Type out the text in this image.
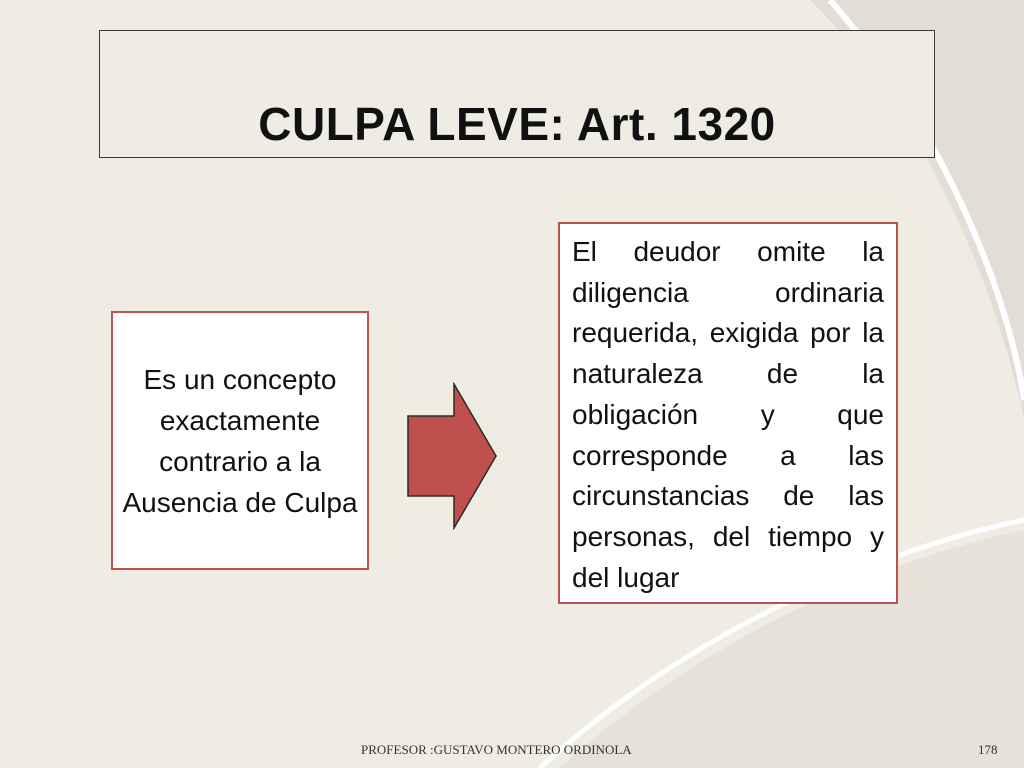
CULPA LEVE: Art. 1320
Es un concepto exactamente contrario a la Ausencia de Culpa
El deudor omite la diligencia ordinaria requerida, exigida por la naturaleza de la obligación y que corresponde a las circunstancias de las personas, del tiempo y del lugar
PROFESOR :GUSTAVO MONTERO ORDINOLA	178
